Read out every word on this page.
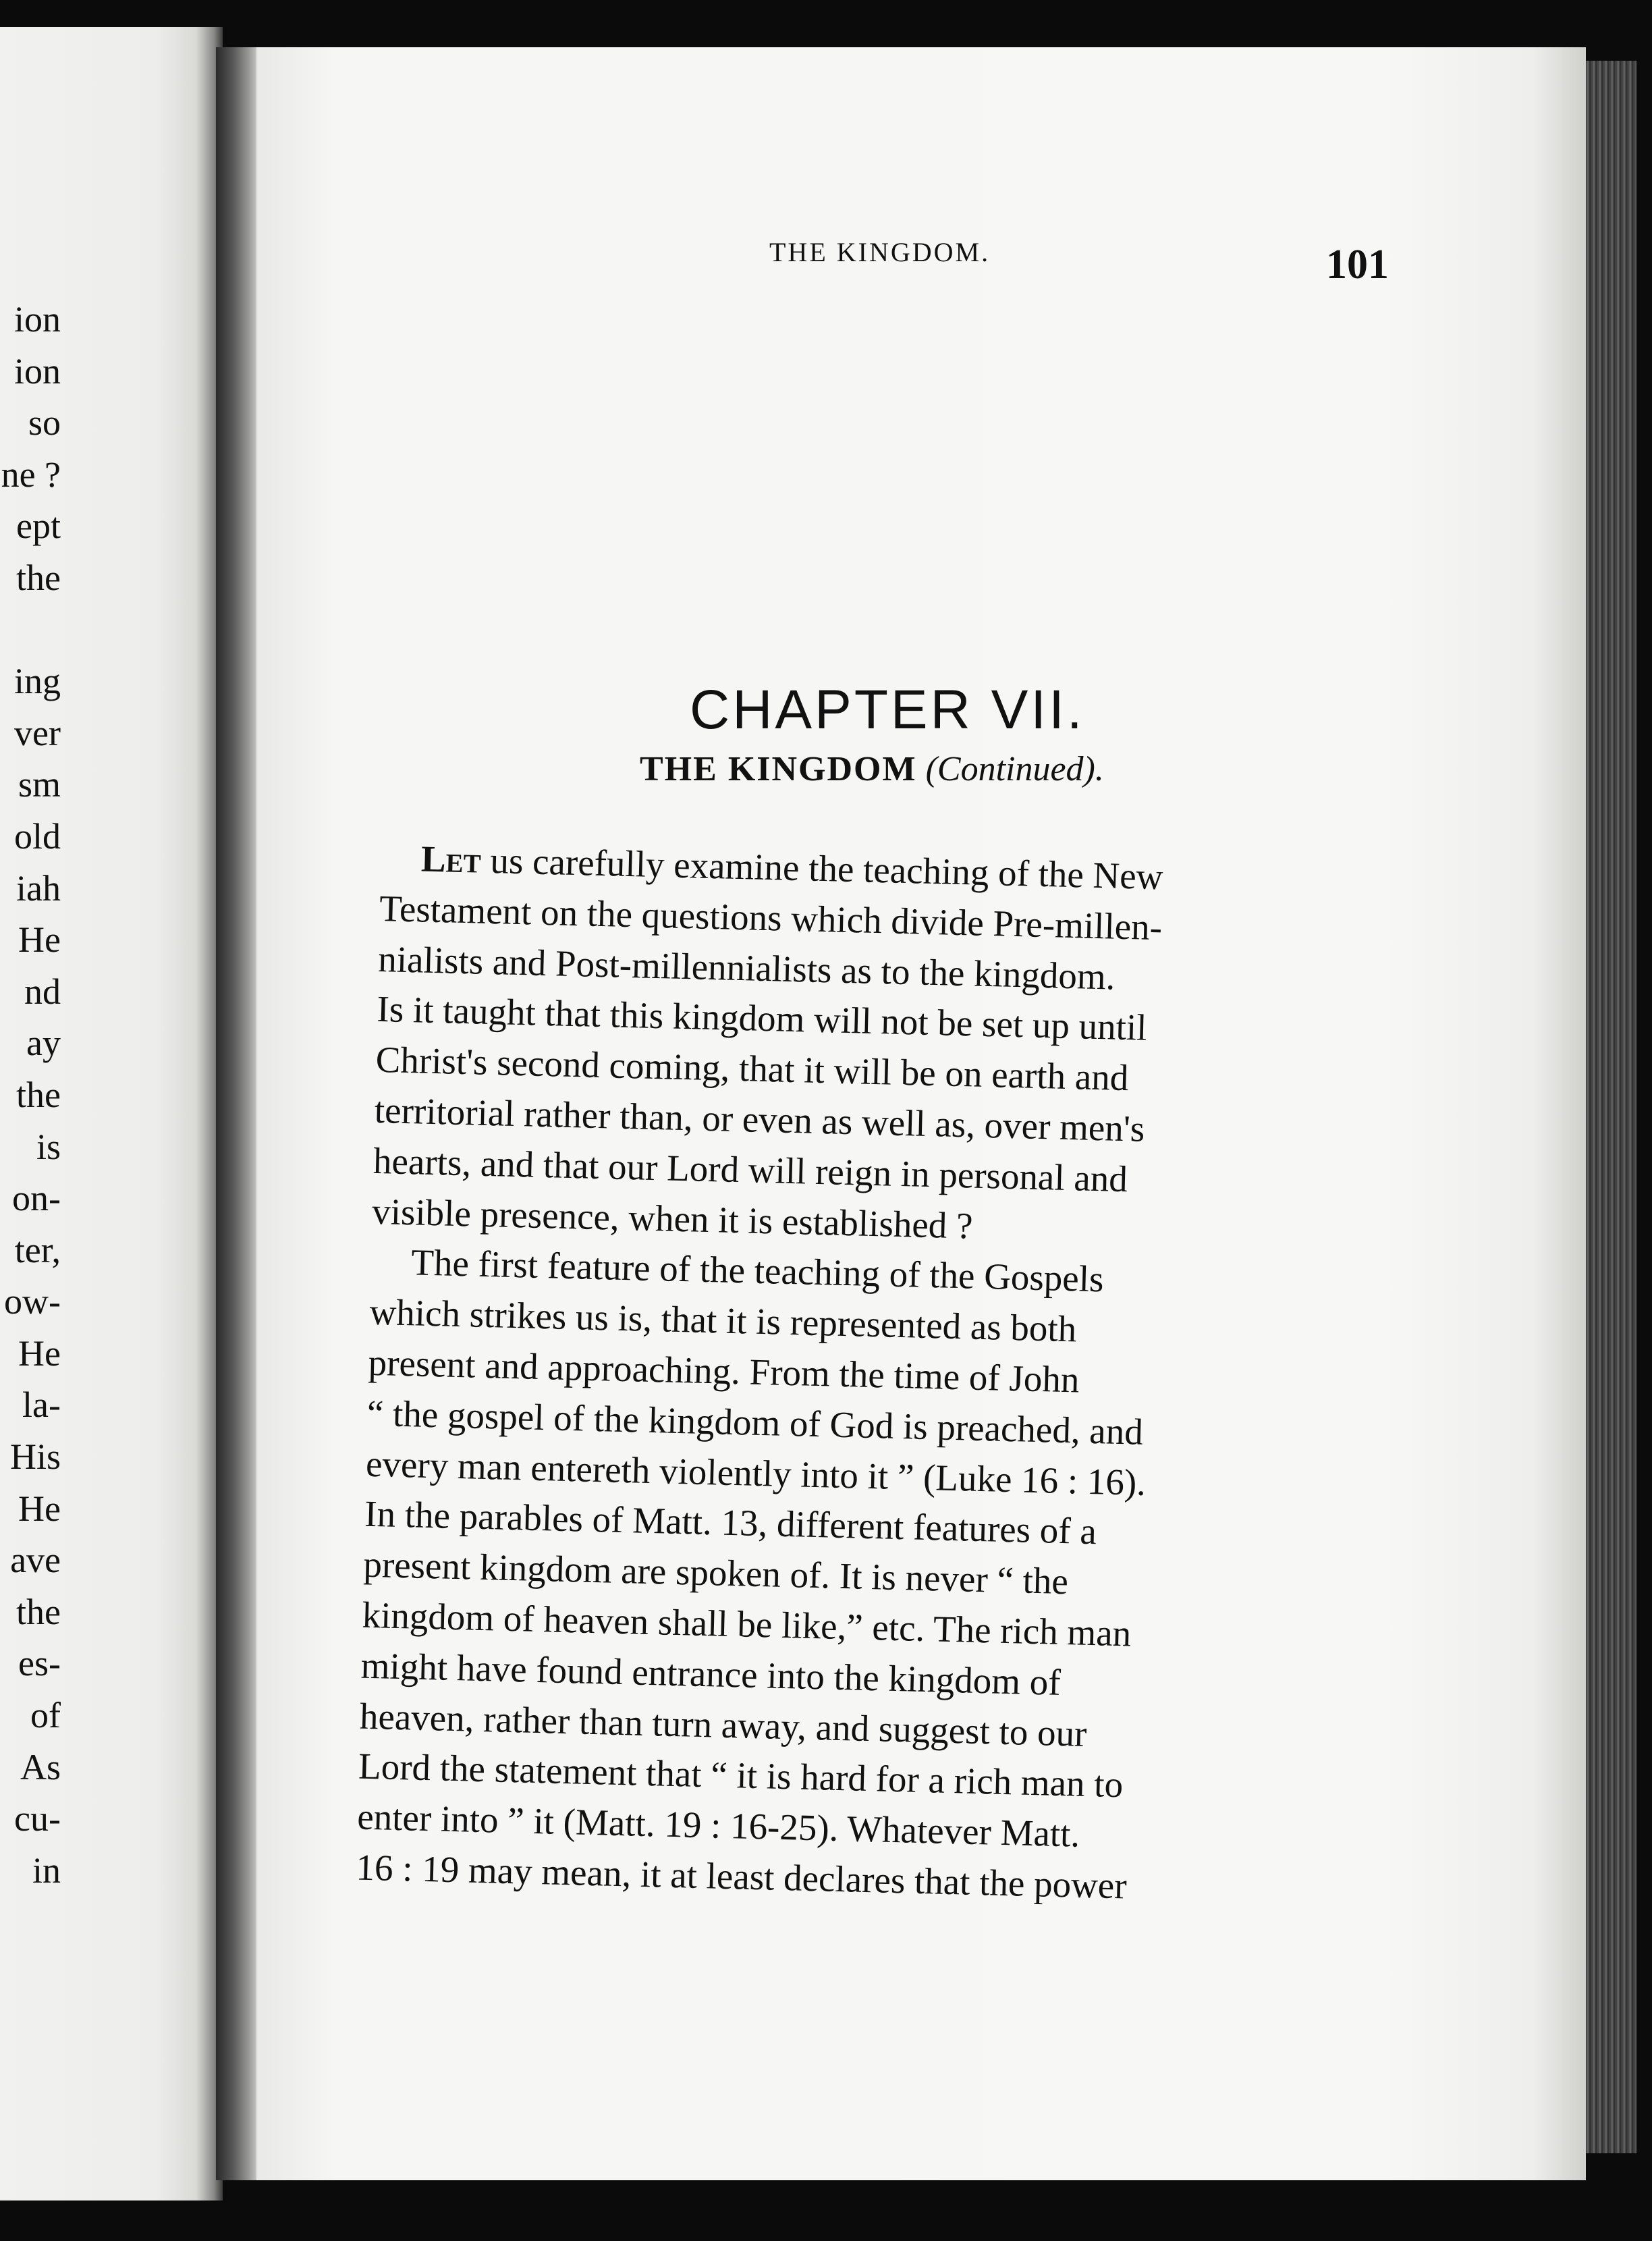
ion
ion
so
ne ?
ept
the
ing
ver
sm
old
iah
He
nd
ay
the
is
on-
ter,
ow-
He
la-
His
He
ave
the
es-
of
As
cu-
in
THE KINGDOM.	101
CHAPTER VII.
THE KINGDOM (Continued).
Let us carefully examine the teaching of the New
Testament on the questions which divide Pre-millen-
nialists and Post-millennialists as to the kingdom.
Is it taught that this kingdom will not be set up until
Christ's second coming, that it will be on earth and
territorial rather than, or even as well as, over men's
hearts, and that our Lord will reign in personal and
visible presence, when it is established ?
The first feature of the teaching of the Gospels
which strikes us is, that it is represented as both
present and approaching. From the time of John
“ the gospel of the kingdom of God is preached, and
every man entereth violently into it ” (Luke 16 : 16).
In the parables of Matt. 13, different features of a
present kingdom are spoken of. It is never “ the
kingdom of heaven shall be like,” etc. The rich man
might have found entrance into the kingdom of
heaven, rather than turn away, and suggest to our
Lord the statement that “ it is hard for a rich man to
enter into ” it (Matt. 19 : 16-25). Whatever Matt.
16 : 19 may mean, it at least declares that the power
